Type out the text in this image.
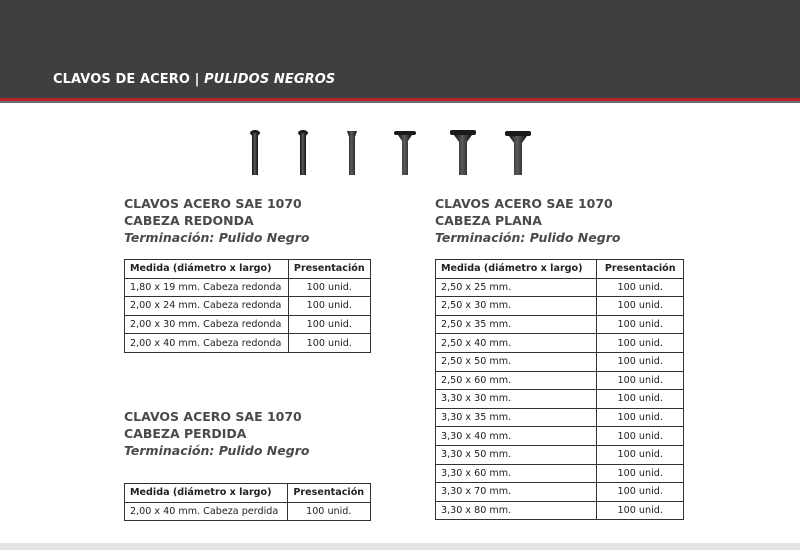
CLAVOS DE ACERO | PULIDOS NEGROS
CLAVOS ACERO SAE 1070
CABEZA REDONDA
Terminación: Pulido Negro
Medida (diámetro x largo)	Presentación
1,80 x 19 mm. Cabeza redonda	100 unid.
2,00 x 24 mm. Cabeza redonda	100 unid.
2,00 x 30 mm. Cabeza redonda	100 unid.
2,00 x 40 mm. Cabeza redonda	100 unid.
CLAVOS ACERO SAE 1070
CABEZA PERDIDA
Terminación: Pulido Negro
Medida (diámetro x largo)	Presentación
2,00 x 40 mm. Cabeza perdida	100 unid.
CLAVOS ACERO SAE 1070
CABEZA PLANA
Terminación: Pulido Negro
Medida (diámetro x largo)	Presentación
2,50 x 25 mm.	100 unid.
2,50 x 30 mm.	100 unid.
2,50 x 35 mm.	100 unid.
2,50 x 40 mm.	100 unid.
2,50 x 50 mm.	100 unid.
2,50 x 60 mm.	100 unid.
3,30 x 30 mm.	100 unid.
3,30 x 35 mm.	100 unid.
3,30 x 40 mm.	100 unid.
3,30 x 50 mm.	100 unid.
3,30 x 60 mm.	100 unid.
3,30 x 70 mm.	100 unid.
3,30 x 80 mm.	100 unid.
